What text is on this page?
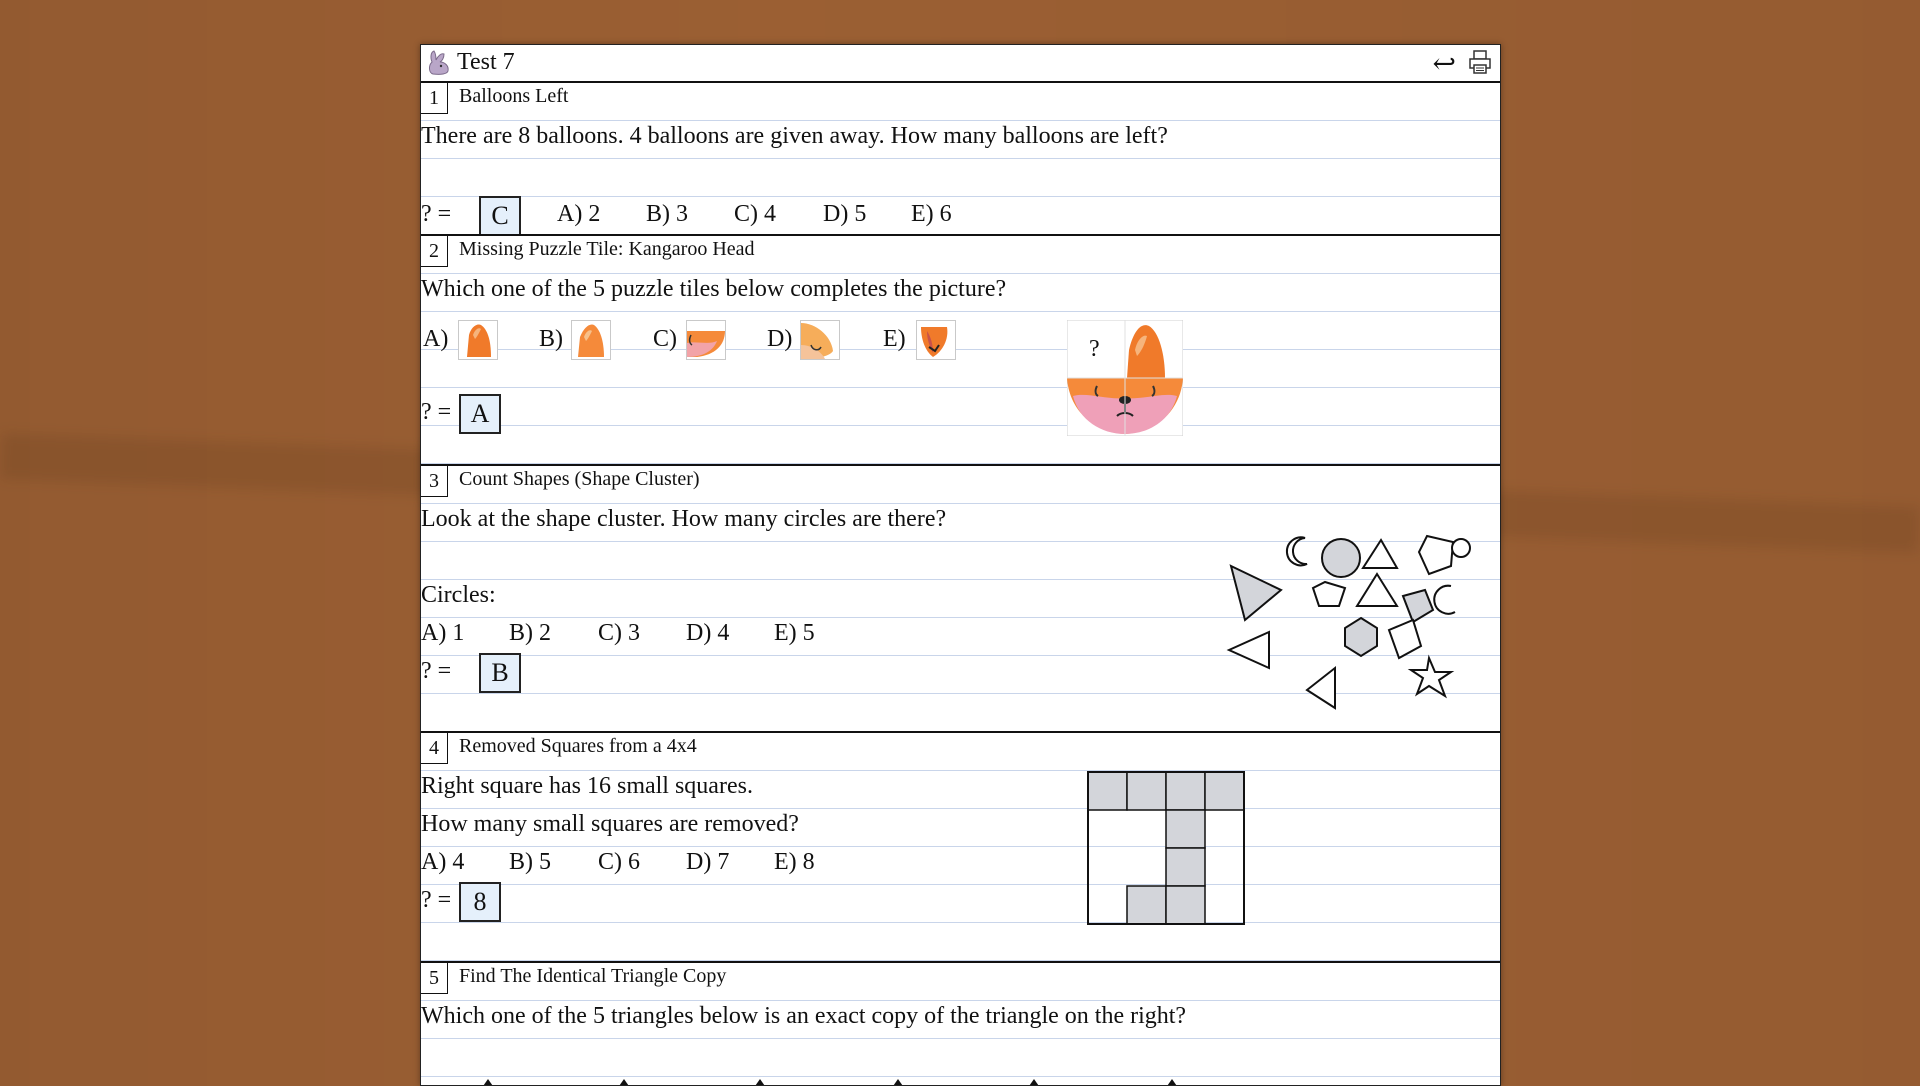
Test 7	↩
1	Balloons Left
There are 8 balloons. 4 balloons are given away. How many balloons are left?
? =	C	A) 2 B) 3 C) 4 D) 5 E) 6
2	Missing Puzzle Tile: Kangaroo Head
Which one of the 5 puzzle tiles below completes the picture?
A)	B)	C)	D)	E)
? = A
?
3	Count Shapes (Shape Cluster)
Look at the shape cluster. How many circles are there?
Circles:
A) 1 B) 2 C) 3 D) 4 E) 5
? =	B
4	Removed Squares from a 4x4
Right square has 16 small squares.
How many small squares are removed?
A) 4 B) 5 C) 6 D) 7 E) 8
? = 8
5	Find The Identical Triangle Copy
Which one of the 5 triangles below is an exact copy of the triangle on the right?
